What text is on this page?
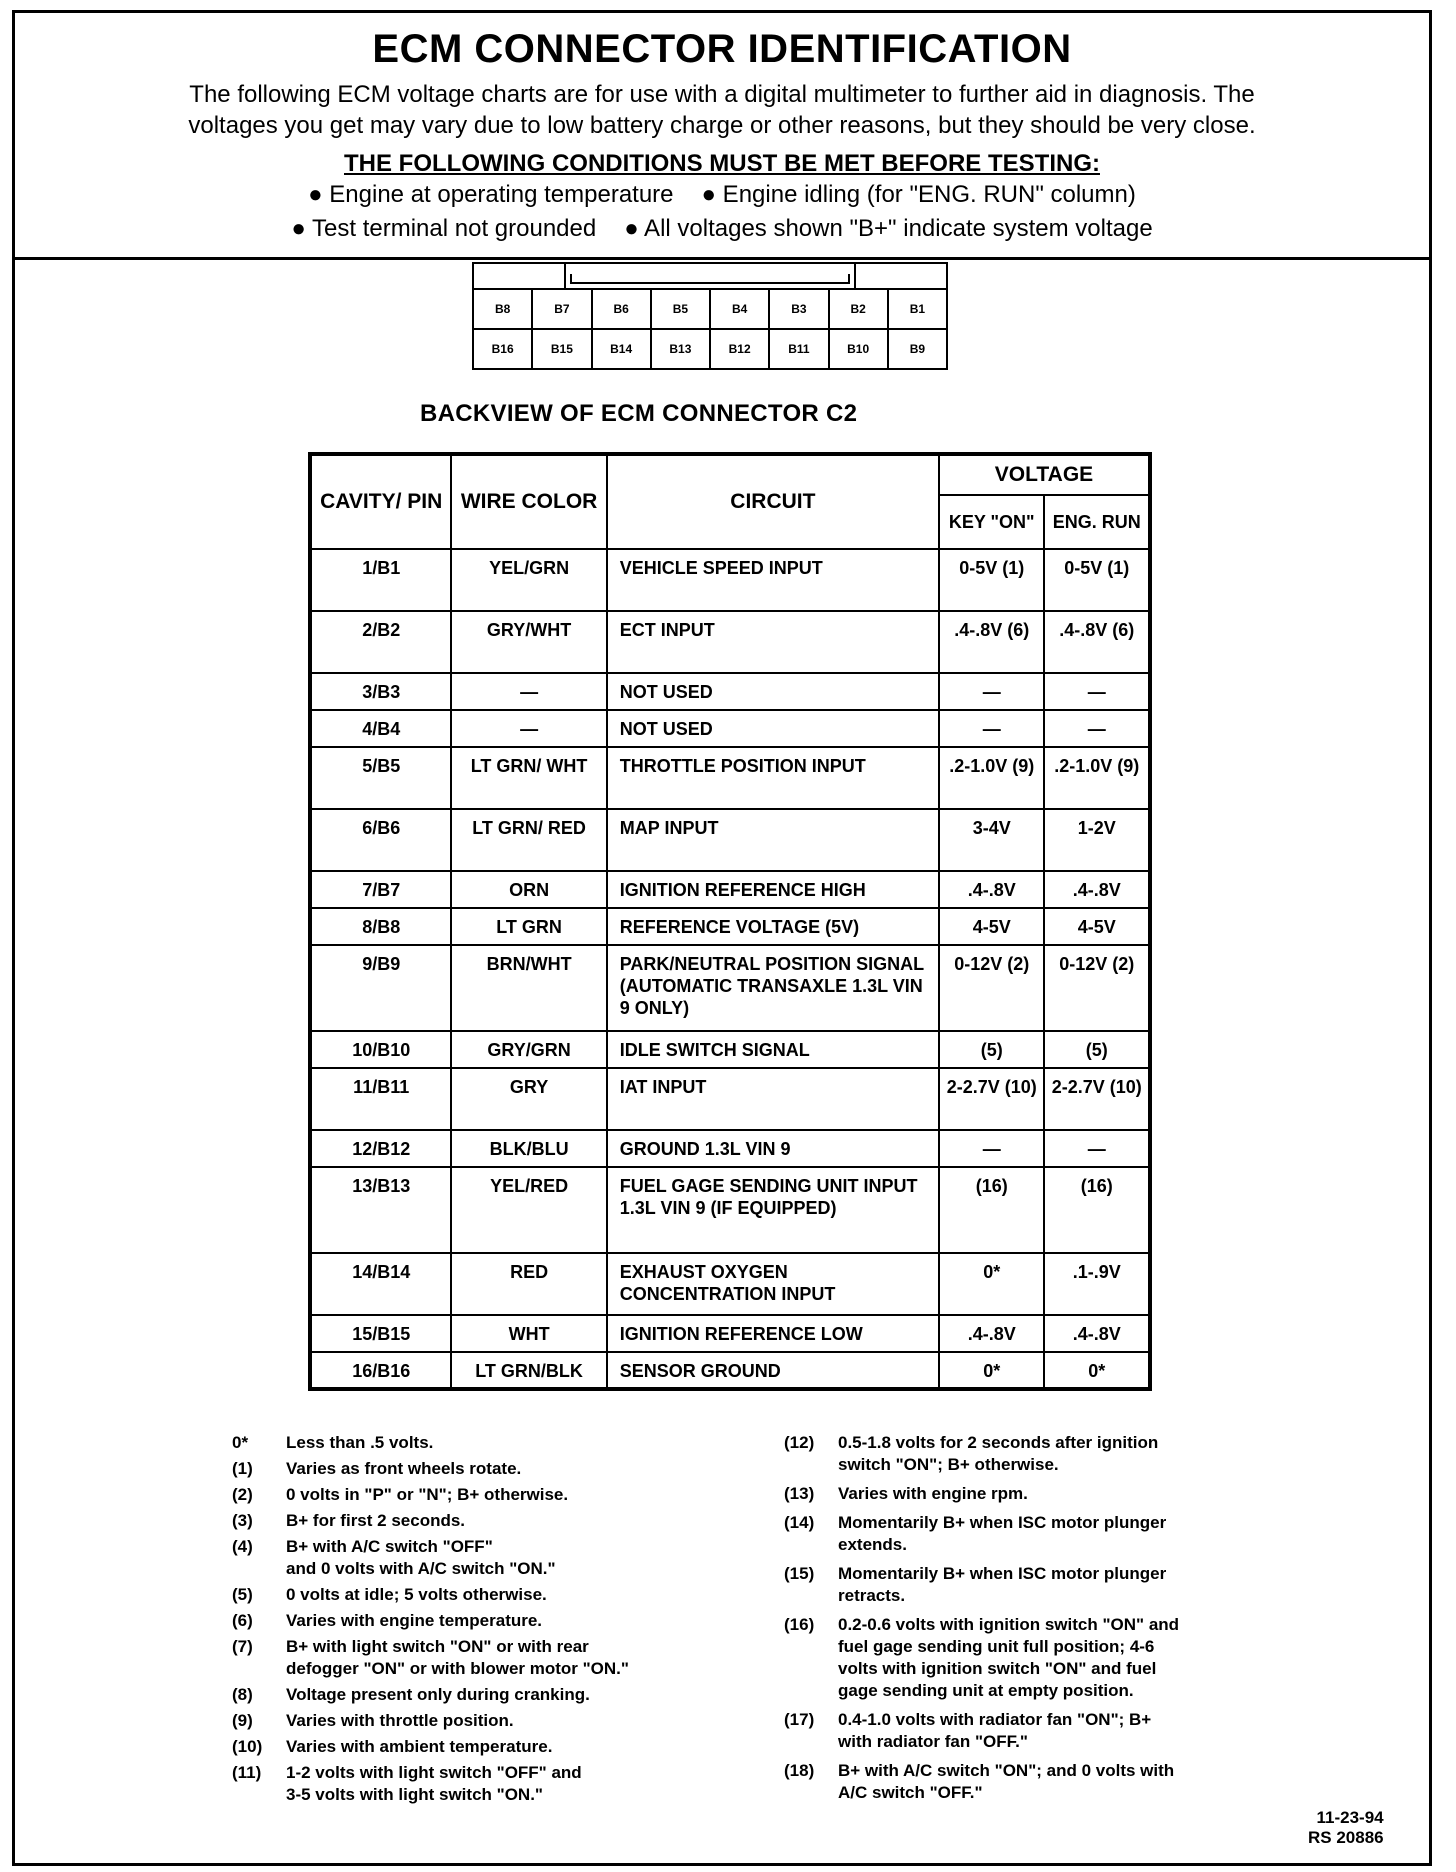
ECM CONNECTOR IDENTIFICATION
The following ECM voltage charts are for use with a digital multimeter to further aid in diagnosis. The
voltages you get may vary due to low battery charge or other reasons, but they should be very close.
THE FOLLOWING CONDITIONS MUST BE MET BEFORE TESTING:
● Engine at operating temperature ● Engine idling (for "ENG. RUN" column)
● Test terminal not grounded ● All voltages shown "B+" indicate system voltage
B8	B7	B6	B5	B4	B3	B2	B1
B16	B15	B14	B13	B12	B11	B10	B9
BACKVIEW OF ECM CONNECTOR C2
CAVITY/ PIN	WIRE COLOR	CIRCUIT	VOLTAGE	
			KEY "ON"	ENG. RUN
1/B1	YEL/GRN	VEHICLE SPEED INPUT	0-5V (1)	0-5V (1)
2/B2	GRY/WHT	ECT INPUT	.4-.8V (6)	.4-.8V (6)
3/B3	—	NOT USED	—	—
4/B4	—	NOT USED	—	—
5/B5	LT GRN/ WHT	THROTTLE POSITION INPUT	.2-1.0V (9)	.2-1.0V (9)
6/B6	LT GRN/ RED	MAP INPUT	3-4V	1-2V
7/B7	ORN	IGNITION REFERENCE HIGH	.4-.8V	.4-.8V
8/B8	LT GRN	REFERENCE VOLTAGE (5V)	4-5V	4-5V
9/B9	BRN/WHT	PARK/NEUTRAL POSITION SIGNAL (AUTOMATIC TRANSAXLE 1.3L VIN 9 ONLY)	0-12V (2)	0-12V (2)
10/B10	GRY/GRN	IDLE SWITCH SIGNAL	(5)	(5)
11/B11	GRY	IAT INPUT	2-2.7V (10)	2-2.7V (10)
12/B12	BLK/BLU	GROUND 1.3L VIN 9	—	—
13/B13	YEL/RED	FUEL GAGE SENDING UNIT INPUT 1.3L VIN 9 (IF EQUIPPED)	(16)	(16)
14/B14	RED	EXHAUST OXYGEN CONCENTRATION INPUT	0*	.1-.9V
15/B15	WHT	IGNITION REFERENCE LOW	.4-.8V	.4-.8V
16/B16	LT GRN/BLK	SENSOR GROUND	0*	0*
0*	Less than .5 volts.
(1)	Varies as front wheels rotate.
(2)	0 volts in "P" or "N"; B+ otherwise.
(3)	B+ for first 2 seconds.
(4)	B+ with A/C switch "OFF"
and 0 volts with A/C switch "ON."
(5)	0 volts at idle; 5 volts otherwise.
(6)	Varies with engine temperature.
(7)	B+ with light switch "ON" or with rear
defogger "ON" or with blower motor "ON."
(8)	Voltage present only during cranking.
(9)	Varies with throttle position.
(10)	Varies with ambient temperature.
(11)	1-2 volts with light switch "OFF" and
3-5 volts with light switch "ON."
(12)	0.5-1.8 volts for 2 seconds after ignition
switch "ON"; B+ otherwise.
(13)	Varies with engine rpm.
(14)	Momentarily B+ when ISC motor plunger
extends.
(15)	Momentarily B+ when ISC motor plunger
retracts.
(16)	0.2-0.6 volts with ignition switch "ON" and
fuel gage sending unit full position; 4-6
volts with ignition switch "ON" and fuel
gage sending unit at empty position.
(17)	0.4-1.0 volts with radiator fan "ON"; B+
with radiator fan "OFF."
(18)	B+ with A/C switch "ON"; and 0 volts with
A/C switch "OFF."
11-23-94
RS 20886
